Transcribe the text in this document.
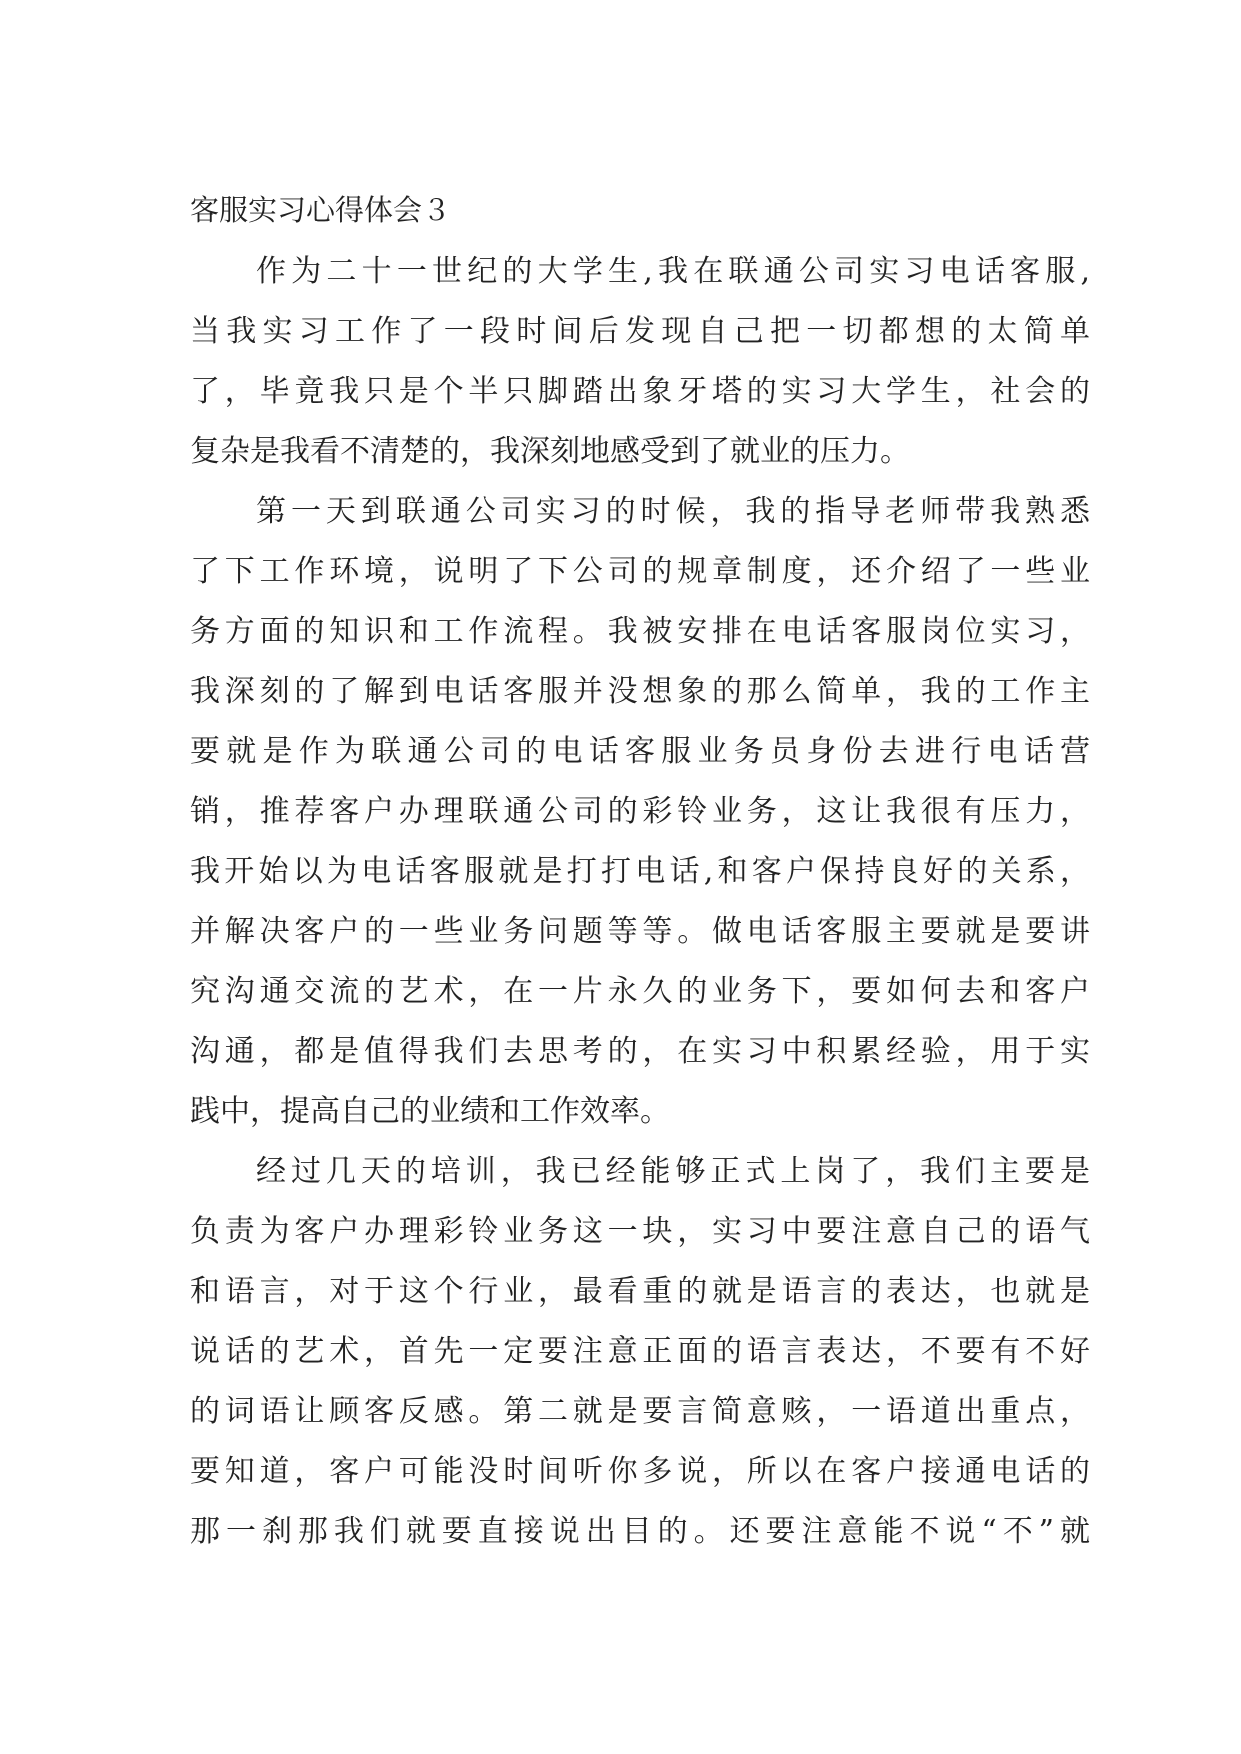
客服实习心得体会３
作为二十一世纪的大学生,我在联通公司实习电话客服,
当我实习工作了一段时间后发现自己把一切都想的太简单
了，毕竟我只是个半只脚踏出象牙塔的实习大学生，社会的
复杂是我看不清楚的，我深刻地感受到了就业的压力。
第一天到联通公司实习的时候，我的指导老师带我熟悉
了下工作环境，说明了下公司的规章制度，还介绍了一些业
务方面的知识和工作流程。我被安排在电话客服岗位实习，
我深刻的了解到电话客服并没想象的那么简单，我的工作主
要就是作为联通公司的电话客服业务员身份去进行电话营
销，推荐客户办理联通公司的彩铃业务，这让我很有压力，
我开始以为电话客服就是打打电话,和客户保持良好的关系，
并解决客户的一些业务问题等等。做电话客服主要就是要讲
究沟通交流的艺术，在一片永久的业务下，要如何去和客户
沟通，都是值得我们去思考的，在实习中积累经验，用于实
践中，提高自己的业绩和工作效率。
经过几天的培训，我已经能够正式上岗了，我们主要是
负责为客户办理彩铃业务这一块，实习中要注意自己的语气
和语言，对于这个行业，最看重的就是语言的表达，也就是
说话的艺术，首先一定要注意正面的语言表达，不要有不好
的词语让顾客反感。第二就是要言简意赅，一语道出重点，
要知道，客户可能没时间听你多说，所以在客户接通电话的
那一刹那我们就要直接说出目的。还要注意能不说“不”就
